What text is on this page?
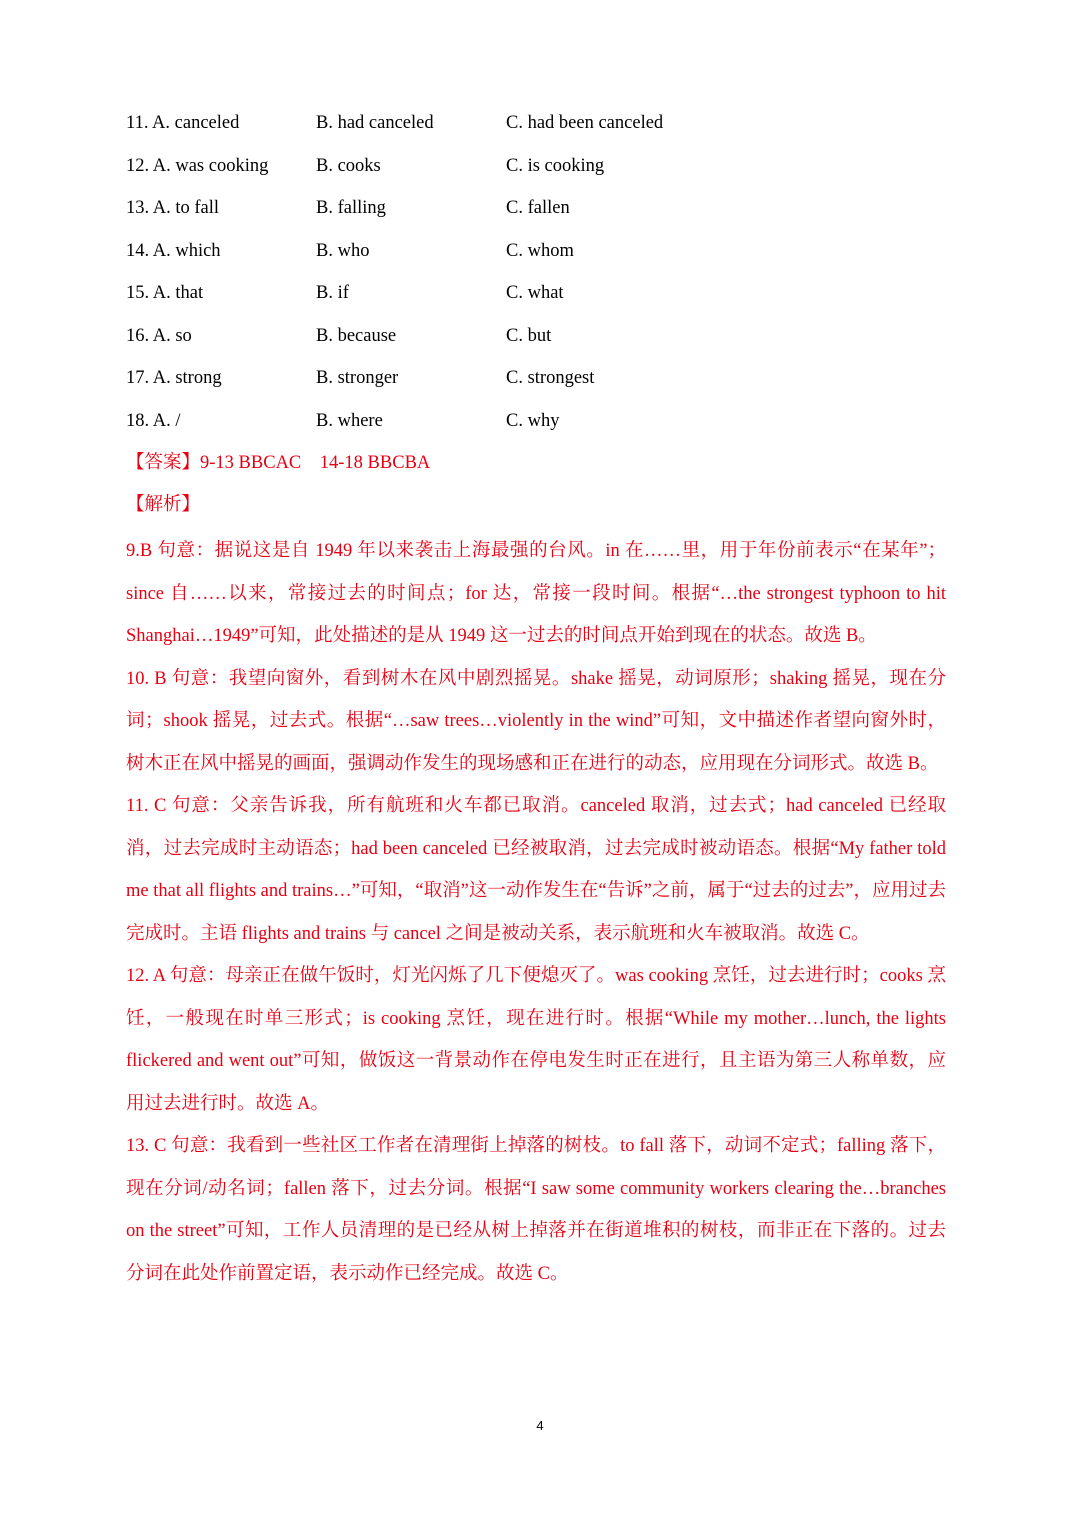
11. A. canceled	B. had canceled	C. had been canceled
12. A. was cooking	B. cooks	C. is cooking
13. A. to fall	B. falling	C. fallen
14. A. which	B. who	C. whom
15. A. that	B. if	C. what
16. A. so	B. because	C. but
17. A. strong	B. stronger	C. strongest
18. A. /	B. where	C. why
【答案】9-13 BBCAC    14-18 BBCBA
【解析】

9.B 句意：据说这是自 1949 年以来袭击上海最强的台风。in 在……里，用于年份前表示“在某年”；since 自……以来，常接过去的时间点；for 达，常接一段时间。根据“…the strongest typhoon to hit Shanghai…1949”可知，此处描述的是从 1949 这一过去的时间点开始到现在的状态。故选 B。

10. B 句意：我望向窗外，看到树木在风中剧烈摇晃。shake 摇晃，动词原形；shaking 摇晃，现在分词；shook 摇晃，过去式。根据“…saw trees…violently in the wind”可知，文中描述作者望向窗外时，树木正在风中摇晃的画面，强调动作发生的现场感和正在进行的动态，应用现在分词形式。故选 B。

11. C 句意：父亲告诉我，所有航班和火车都已取消。canceled 取消，过去式；had canceled 已经取消，过去完成时主动语态；had been canceled 已经被取消，过去完成时被动语态。根据“My father told me that all flights and trains…”可知，“取消”这一动作发生在“告诉”之前，属于“过去的过去”，应用过去完成时。主语 flights and trains 与 cancel 之间是被动关系，表示航班和火车被取消。故选 C。

12. A 句意：母亲正在做午饭时，灯光闪烁了几下便熄灭了。was cooking 烹饪，过去进行时；cooks 烹饪，一般现在时单三形式；is cooking 烹饪，现在进行时。根据“While my mother…lunch, the lights flickered and went out”可知，做饭这一背景动作在停电发生时正在进行，且主语为第三人称单数，应用过去进行时。故选 A。

13. C 句意：我看到一些社区工作者在清理街上掉落的树枝。to fall 落下，动词不定式；falling 落下，现在分词/动名词；fallen 落下，过去分词。根据“I saw some community workers clearing the…branches on the street”可知，工作人员清理的是已经从树上掉落并在街道堆积的树枝，而非正在下落的。过去分词在此处作前置定语，表示动作已经完成。故选 C。

4
